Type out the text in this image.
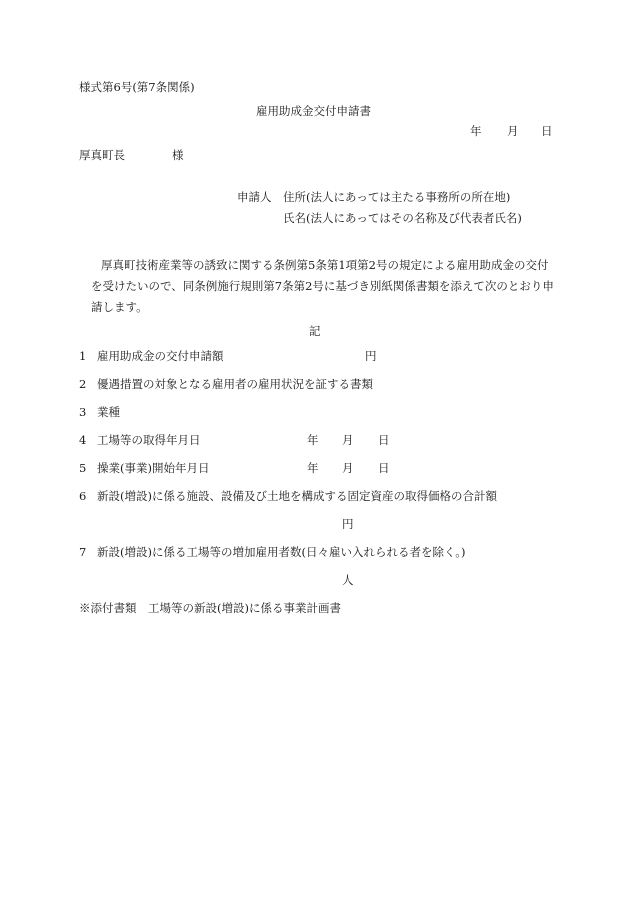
様式第6号(第7条関係)
雇用助成金交付申請書
年 月 日
厚真町長	様
申請人 住所(法人にあっては主たる事務所の所在地)
氏名(法人にあってはその名称及び代表者氏名)
厚真町技術産業等の誘致に関する条例第5条第1項第2号の規定による雇用助成金の交付
を受けたいので、同条例施行規則第7条第2号に基づき別紙関係書類を添えて次のとおり申
請します。
記
1 雇用助成金の交付申請額	円
2 優遇措置の対象となる雇用者の雇用状況を証する書類
3 業種
4 工場等の取得年月日	年 月 日
5 操業(事業)開始年月日	年 月 日
6 新設(増設)に係る施設、設備及び土地を構成する固定資産の取得価格の合計額
円
7 新設(増設)に係る工場等の増加雇用者数(日々雇い入れられる者を除く。)
人
※添付書類　工場等の新設(増設)に係る事業計画書
